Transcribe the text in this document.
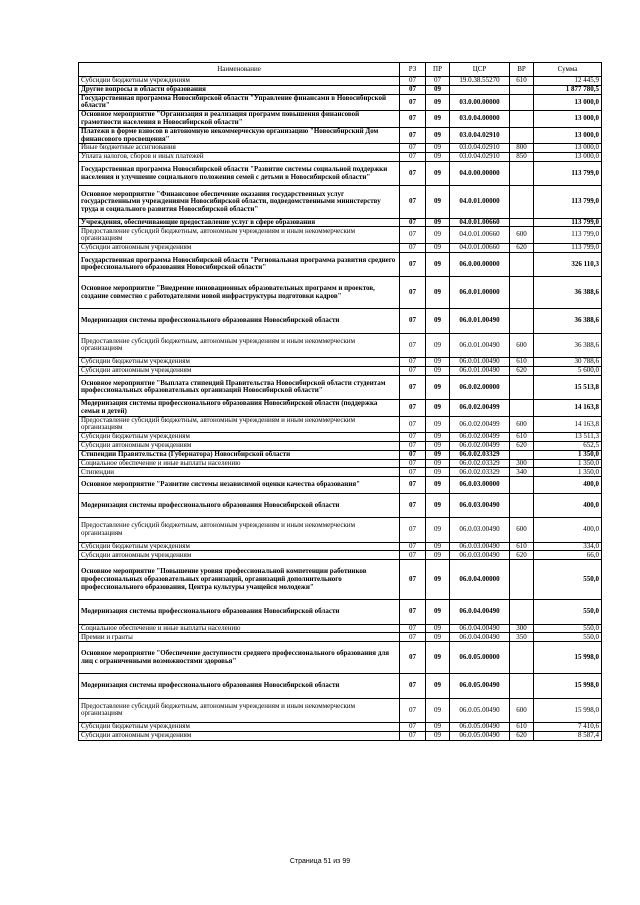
Наименование	РЗ	ПР	ЦСР	ВР	Сумма
Субсидии бюджетным учреждениям	07	07	19.0.38.55270	610	12 445,9
Другие вопросы в области образования	07	09			1 877 780,5
Государственная программа Новосибирской области "Управление финансами в Новосибирской области"	07	09	03.0.00.00000		13 000,0
Основное мероприятие "Организация и реализация программ повышения финансовой грамотности населения в Новосибирской области"	07	09	03.0.04.00000		13 000,0
Платежи в форме взносов в автономную некоммерческую организацию "Новосибирский Дом финансового просвещения"	07	09	03.0.04.02910		13 000,0
Иные бюджетные ассигнования	07	09	03.0.04.02910	800	13 000,0
Уплата налогов, сборов и иных платежей	07	09	03.0.04.02910	850	13 000,0
Государственная программа Новосибирской области "Развитие системы социальной поддержки населения и улучшение социального положения семей с детьми в Новосибирской области"	07	09	04.0.00.00000		113 799,0
Основное мероприятие "Финансовое обеспечение оказания государственных услуг государственными учреждениями Новосибирской области, подведомственными министерству труда и социального развития Новосибирской области"	07	09	04.0.01.00000		113 799,0
Учреждения, обеспечивающие предоставление услуг в сфере образования	07	09	04.0.01.00660		113 799,0
Предоставление субсидий бюджетным, автономным учреждениям и иным некоммерческим организациям	07	09	04.0.01.00660	600	113 799,0
Субсидии автономным учреждениям	07	09	04.0.01.00660	620	113 799,0
Государственная программа Новосибирской области "Региональная программа развития среднего профессионального образования Новосибирской области"	07	09	06.0.00.00000		326 110,3
Основное мероприятие "Внедрение инновационных образовательных программ и проектов, создание совместно с работодателями новой инфраструктуры подготовки кадров"	07	09	06.0.01.00000		36 388,6
Модернизация системы профессионального образования Новосибирской области	07	09	06.0.01.00490		36 388,6
Предоставление субсидий бюджетным, автономным учреждениям и иным некоммерческим организациям	07	09	06.0.01.00490	600	36 388,6
Субсидии бюджетным учреждениям	07	09	06.0.01.00490	610	30 788,6
Субсидии автономным учреждениям	07	09	06.0.01.00490	620	5 600,0
Основное мероприятие "Выплата стипендий Правительства Новосибирской области студентам профессиональных образовательных организаций Новосибирской области"	07	09	06.0.02.00000		15 513,8
Модернизация системы профессионального образования Новосибирской области (поддержка семьи и детей)	07	09	06.0.02.00499		14 163,8
Предоставление субсидий бюджетным, автономным учреждениям и иным некоммерческим организациям	07	09	06.0.02.00499	600	14 163,8
Субсидии бюджетным учреждениям	07	09	06.0.02.00499	610	13 511,3
Субсидии автономным учреждениям	07	09	06.0.02.00499	620	652,5
Стипендии Правительства (Губернатора) Новосибирской области	07	09	06.0.02.03329		1 350,0
Социальное обеспечение и иные выплаты населению	07	09	06.0.02.03329	300	1 350,0
Стипендии	07	09	06.0.02.03329	340	1 350,0
Основное мероприятие "Развитие системы независимой оценки качества образования"	07	09	06.0.03.00000		400,0
Модернизация системы профессионального образования Новосибирской области	07	09	06.0.03.00490		400,0
Предоставление субсидий бюджетным, автономным учреждениям и иным некоммерческим организациям	07	09	06.0.03.00490	600	400,0
Субсидии бюджетным учреждениям	07	09	06.0.03.00490	610	334,0
Субсидии автономным учреждениям	07	09	06.0.03.00490	620	66,0
Основное мероприятие "Повышение уровня профессиональной компетенции работников профессиональных образовательных организаций, организаций дополнительного профессионального образования, Центра культуры учащейся молодежи"	07	09	06.0.04.00000		550,0
Модернизация системы профессионального образования Новосибирской области	07	09	06.0.04.00490		550,0
Социальное обеспечение и иные выплаты населению	07	09	06.0.04.00490	300	550,0
Премии и гранты	07	09	06.0.04.00490	350	550,0
Основное мероприятие "Обеспечение доступности среднего профессионального образования для лиц с ограниченными возможностями здоровья"	07	09	06.0.05.00000		15 998,0
Модернизация системы профессионального образования Новосибирской области	07	09	06.0.05.00490		15 998,0
Предоставление субсидий бюджетным, автономным учреждениям и иным некоммерческим организациям	07	09	06.0.05.00490	600	15 998,0
Субсидии бюджетным учреждениям	07	09	06.0.05.00490	610	7 410,6
Субсидии автономным учреждениям	07	09	06.0.05.00490	620	8 587,4
Страница 51 из 99
